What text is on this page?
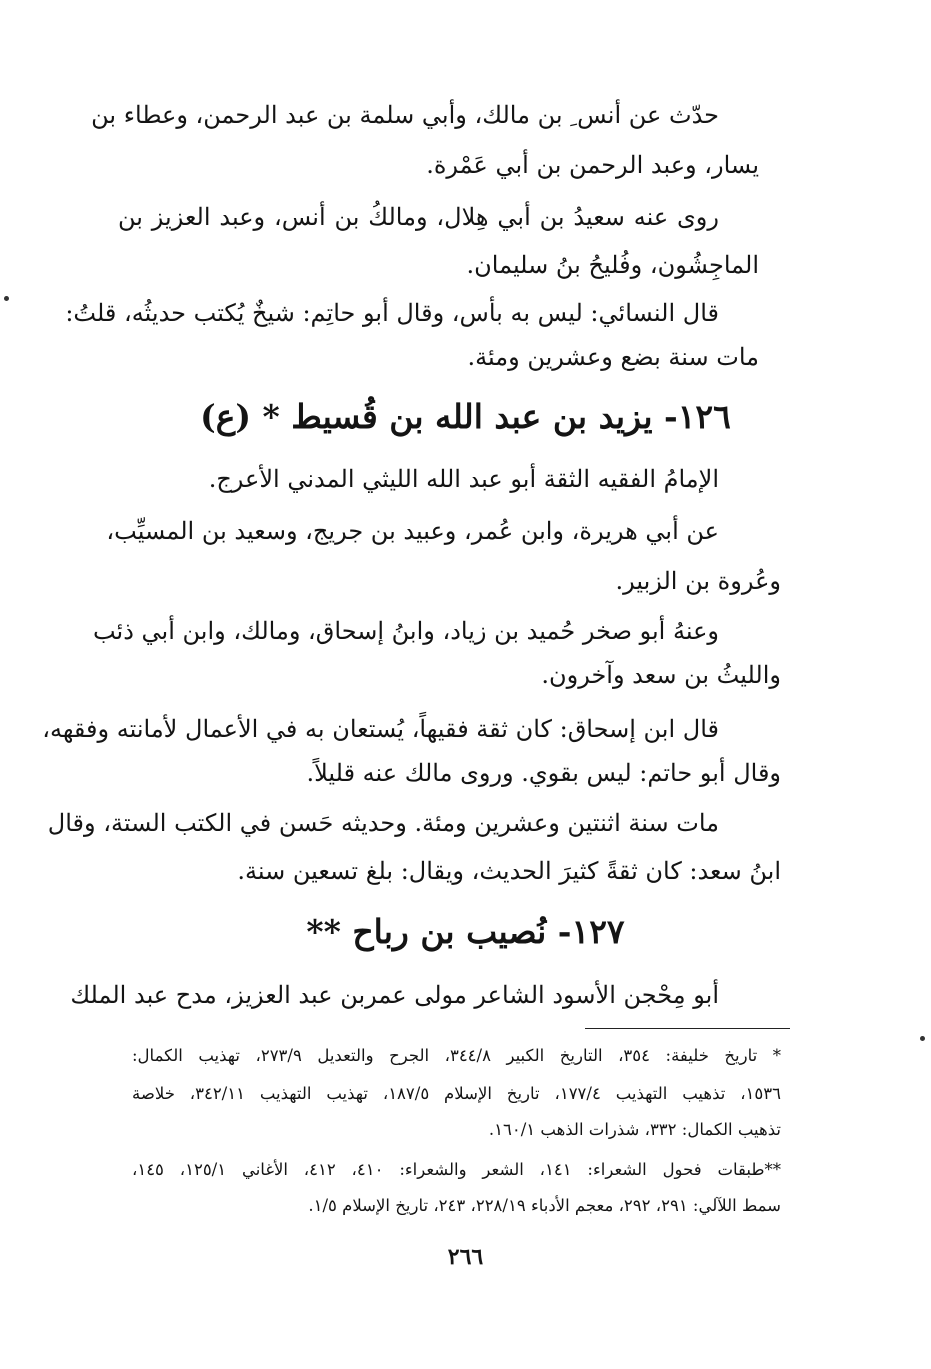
حدّث عن أنس ِ بن مالك، وأبي سلمة بن عبد الرحمن، وعطاء بن
يسار، وعبد الرحمن بن أبي عَمْرة.
روى عنه سعيدُ بن أبي هِلال، ومالكُ بن أنس، وعبد العزيز بن
الماجِشُون، وفُليحُ بنُ سليمان.
قال النسائي: ليس به بأس، وقال أبو حاتِم: شيخٌ يُكتب حديثُه، قلتُ:
مات سنة بضع وعشرين ومئة.
١٢٦- يزيد بن عبد الله بن قُسيط * (ع)
الإمامُ الفقيه الثقة أبو عبد الله الليثي المدني الأعرج.
عن أبي هريرة، وابن عُمر، وعبيد بن جريج، وسعيد بن المسيِّب،
وعُروة بن الزبير.
وعنهُ أبو صخر حُميد بن زياد، وابنُ إسحاق، ومالك، وابن أبي ذئب
والليثُ بن سعد وآخرون.
قال ابن إسحاق: كان ثقة فقيهاً، يُستعان به في الأعمال لأمانته وفقهه،
وقال أبو حاتم: ليس بقوي. وروى مالك عنه قليلاً.
مات سنة اثنتين وعشرين ومئة. وحديثه حَسن في الكتب الستة، وقال
ابنُ سعد: كان ثقةً كثيرَ الحديث، ويقال: بلغ تسعين سنة.
١٢٧- نُصيب بن رباح **
أبو مِحْجن الأسود الشاعر مولى عمربن عبد العزيز، مدح عبد الملك
* تاريخ خليفة: ٣٥٤، التاريخ الكبير ٣٤٤/٨، الجرح والتعديل ٢٧٣/٩، تهذيب الكمال:
١٥٣٦، تذهيب التهذيب ١٧٧/٤، تاريخ الإسلام ١٨٧/٥، تهذيب التهذيب ٣٤٢/١١، خلاصة
تذهيب الكمال: ٣٣٢، شذرات الذهب ١٦٠/١.
**طبقات فحول الشعراء: ١٤١، الشعر والشعراء: ٤١٠، ٤١٢، الأغاني ١٢٥/١، ١٤٥،
سمط اللآلي: ٢٩١، ٢٩٢، معجم الأدباء ٢٢٨/١٩، ٢٤٣، تاريخ الإسلام ١/٥.
٢٦٦
